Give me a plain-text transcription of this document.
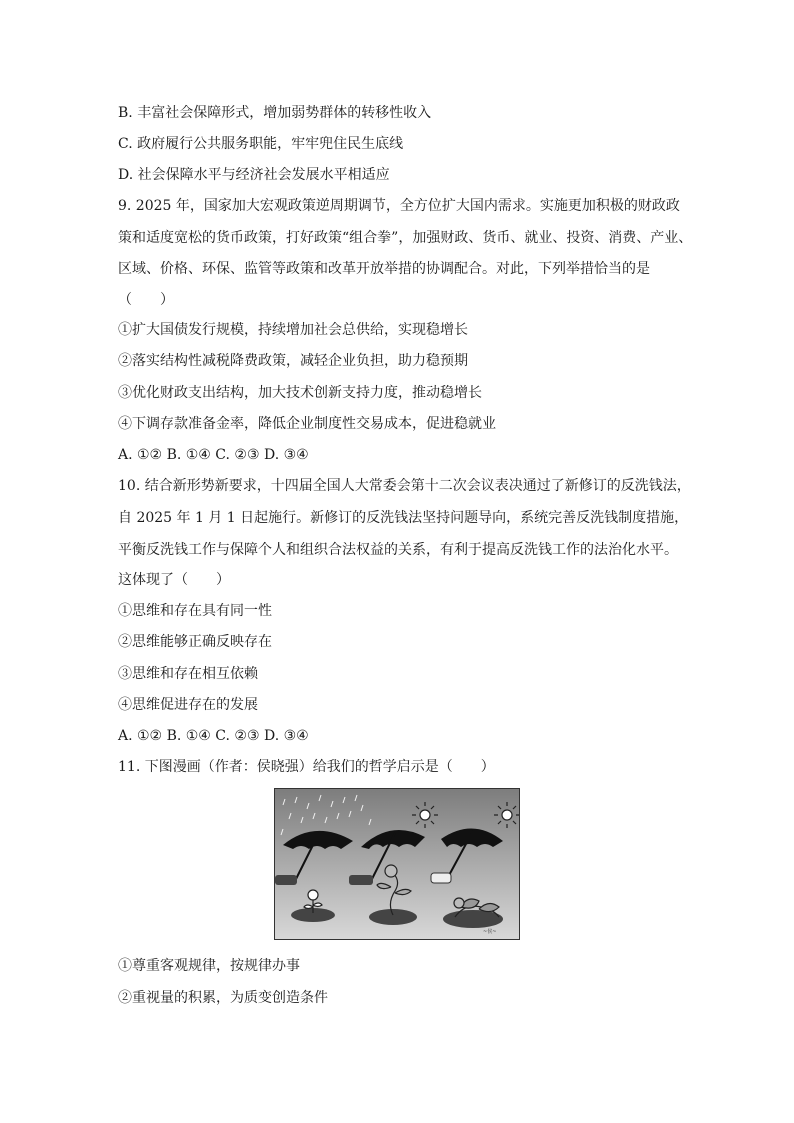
B. 丰富社会保障形式，增加弱势群体的转移性收入
C. 政府履行公共服务职能，牢牢兜住民生底线
D. 社会保障水平与经济社会发展水平相适应
9. 2025 年，国家加大宏观政策逆周期调节，全方位扩大国内需求。实施更加积极的财政政
策和适度宽松的货币政策，打好政策“组合拳”，加强财政、货币、就业、投资、消费、产业、
区域、价格、环保、监管等政策和改革开放举措的协调配合。对此，下列举措恰当的是
（　　）
①扩大国债发行规模，持续增加社会总供给，实现稳增长
②落实结构性减税降费政策，减轻企业负担，助力稳预期
③优化财政支出结构，加大技术创新支持力度，推动稳增长
④下调存款准备金率，降低企业制度性交易成本，促进稳就业
A. ①② B. ①④ C. ②③ D. ③④
10. 结合新形势新要求，十四届全国人大常委会第十二次会议表决通过了新修订的反洗钱法，
自 2025 年 1 月 1 日起施行。新修订的反洗钱法坚持问题导向，系统完善反洗钱制度措施，
平衡反洗钱工作与保障个人和组织合法权益的关系，有利于提高反洗钱工作的法治化水平。
这体现了（　　）
①思维和存在具有同一性
②思维能够正确反映存在
③思维和存在相互依赖
④思维促进存在的发展
A. ①② B. ①④ C. ②③ D. ③④
11. 下图漫画（作者：侯晓强）给我们的哲学启示是（　　）
~侯~
①尊重客观规律，按规律办事
②重视量的积累，为质变创造条件
